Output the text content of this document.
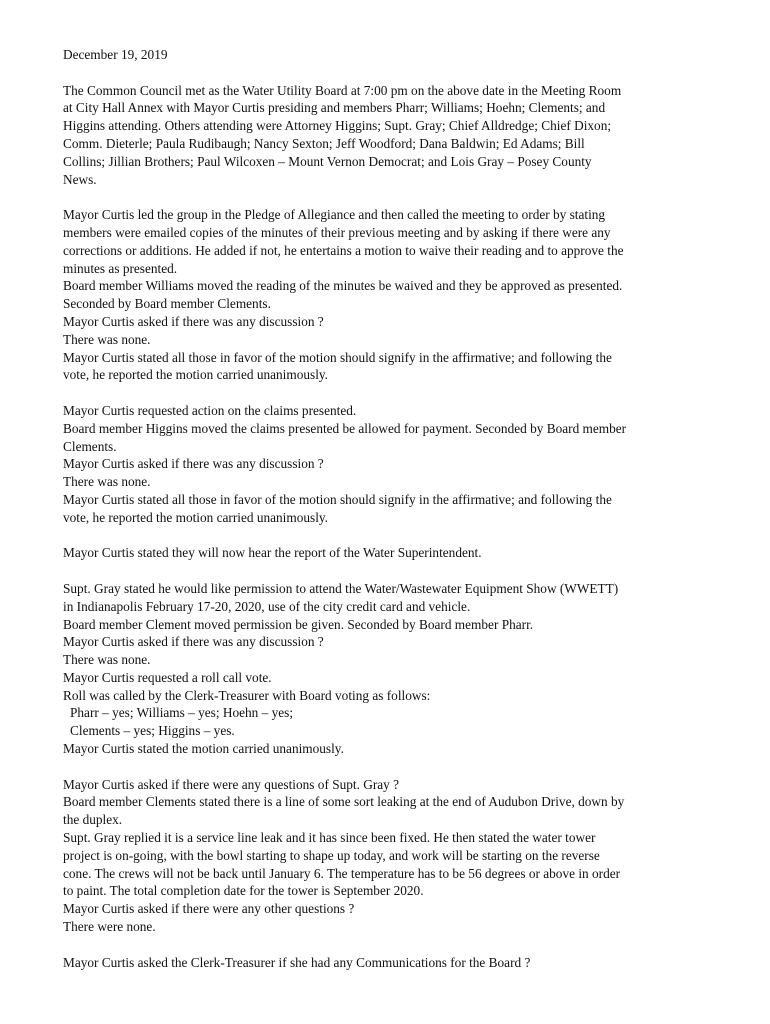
December 19, 2019
The Common Council met as the Water Utility Board at 7:00 pm on the above date in the Meeting Room
at City Hall Annex with Mayor Curtis presiding and members Pharr; Williams; Hoehn; Clements; and
Higgins attending. Others attending were Attorney Higgins; Supt. Gray; Chief Alldredge; Chief Dixon;
Comm. Dieterle; Paula Rudibaugh; Nancy Sexton; Jeff Woodford; Dana Baldwin; Ed Adams; Bill
Collins; Jillian Brothers; Paul Wilcoxen – Mount Vernon Democrat; and Lois Gray – Posey County
News.
Mayor Curtis led the group in the Pledge of Allegiance and then called the meeting to order by stating
members were emailed copies of the minutes of their previous meeting and by asking if there were any
corrections or additions. He added if not, he entertains a motion to waive their reading and to approve the
minutes as presented.
Board member Williams moved the reading of the minutes be waived and they be approved as presented.
Seconded by Board member Clements.
Mayor Curtis asked if there was any discussion ?
There was none.
Mayor Curtis stated all those in favor of the motion should signify in the affirmative; and following the
vote, he reported the motion carried unanimously.
Mayor Curtis requested action on the claims presented.
Board member Higgins moved the claims presented be allowed for payment. Seconded by Board member
Clements.
Mayor Curtis asked if there was any discussion ?
There was none.
Mayor Curtis stated all those in favor of the motion should signify in the affirmative; and following the
vote, he reported the motion carried unanimously.
Mayor Curtis stated they will now hear the report of the Water Superintendent.
Supt. Gray stated he would like permission to attend the Water/Wastewater Equipment Show (WWETT)
in Indianapolis February 17-20, 2020, use of the city credit card and vehicle.
Board member Clement moved permission be given. Seconded by Board member Pharr.
Mayor Curtis asked if there was any discussion ?
There was none.
Mayor Curtis requested a roll call vote.
Roll was called by the Clerk-Treasurer with Board voting as follows:
Pharr – yes; Williams – yes; Hoehn – yes;
Clements – yes; Higgins – yes.
Mayor Curtis stated the motion carried unanimously.
Mayor Curtis asked if there were any questions of Supt. Gray ?
Board member Clements stated there is a line of some sort leaking at the end of Audubon Drive, down by
the duplex.
Supt. Gray replied it is a service line leak and it has since been fixed. He then stated the water tower
project is on-going, with the bowl starting to shape up today, and work will be starting on the reverse
cone. The crews will not be back until January 6. The temperature has to be 56 degrees or above in order
to paint. The total completion date for the tower is September 2020.
Mayor Curtis asked if there were any other questions ?
There were none.
Mayor Curtis asked the Clerk-Treasurer if she had any Communications for the Board ?
